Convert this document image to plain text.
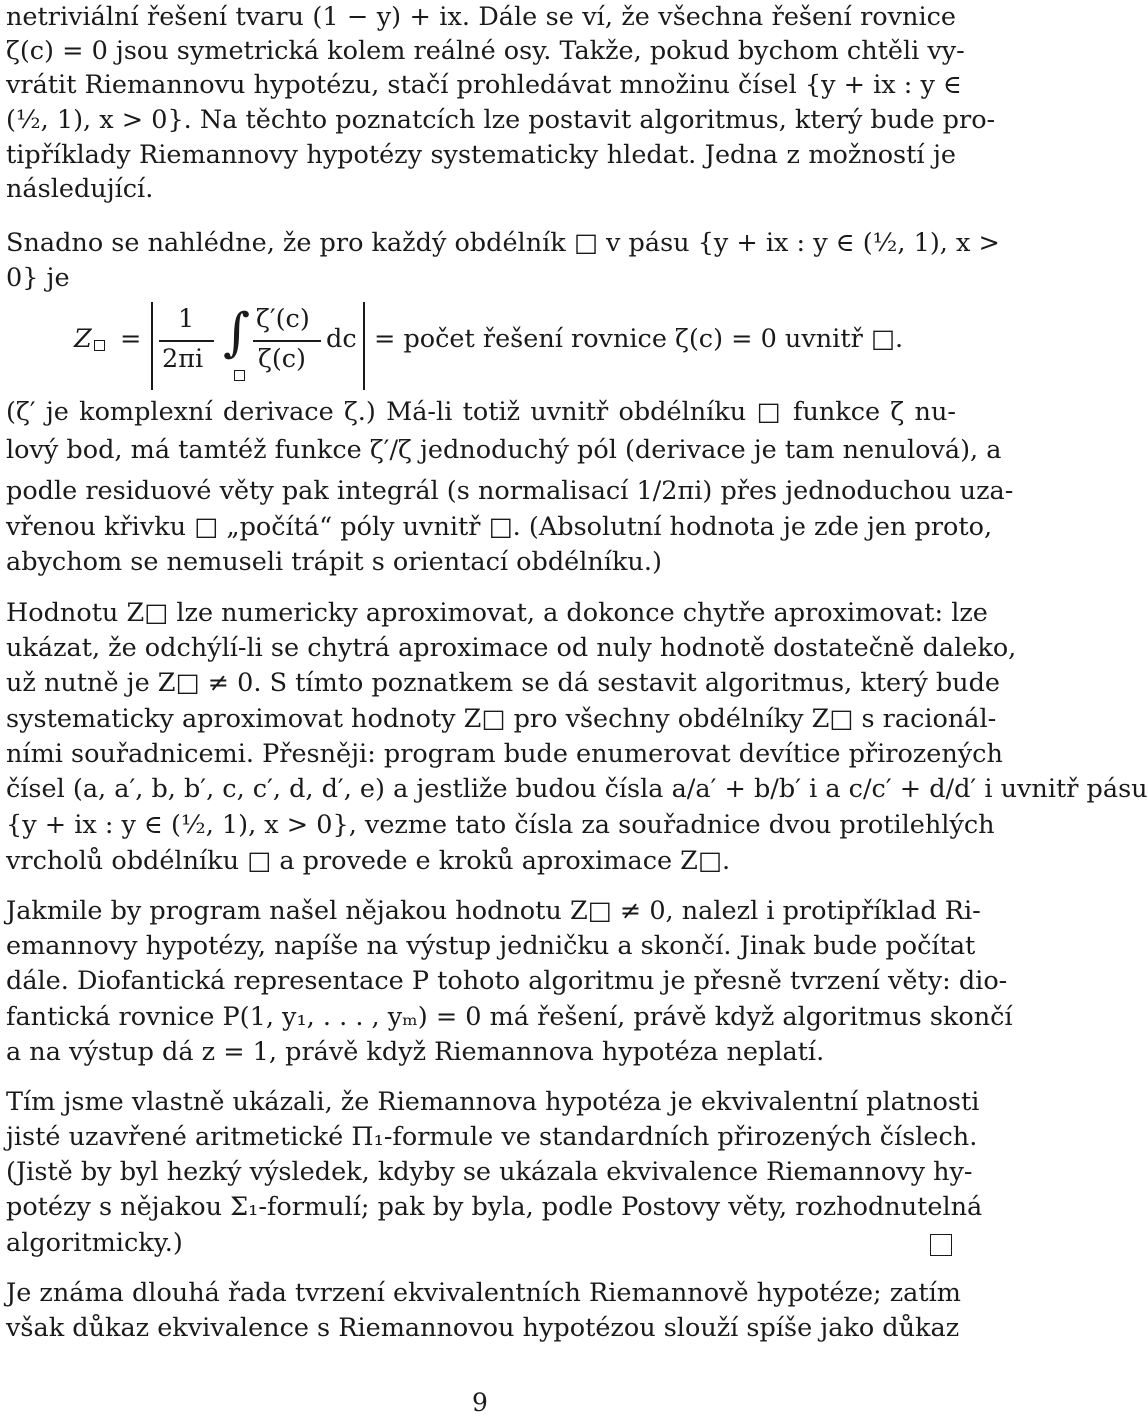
netriviální řešení tvaru (1 − y) + ix. Dále se ví, že všechna řešení rovnice
ζ(c) = 0 jsou symetrická kolem reálné osy. Takže, pokud bychom chtěli vy-
vrátit Riemannovu hypotézu, stačí prohledávat množinu čísel {y + ix : y ∈
(½, 1), x > 0}. Na těchto poznatcích lze postavit algoritmus, který bude pro-
tipříklady Riemannovy hypotézy systematicky hledat. Jedna z možností je
následující.
Snadno se nahlédne, že pro každý obdélník □ v pásu {y + ix : y ∈ (½, 1), x >
0} je
Z	=
1
2πi ∫ ζ′(c)
ζ(c)
dc = počet řešení rovnice ζ(c) = 0 uvnitř □.
(ζ′ je komplexní derivace ζ.) Má-li totiž uvnitř obdélníku □ funkce ζ nu-
lový bod, má tamtéž funkce ζ′/ζ jednoduchý pól (derivace je tam nenulová), a
podle residuové věty pak integrál (s normalisací 1/2πi) přes jednoduchou uza-
vřenou křivku □ „počítá“ póly uvnitř □. (Absolutní hodnota je zde jen proto,
abychom se nemuseli trápit s orientací obdélníku.)
Hodnotu Z□ lze numericky aproximovat, a dokonce chytře aproximovat: lze
ukázat, že odchýlí-li se chytrá aproximace od nuly hodnotě dostatečně daleko,
už nutně je Z□ ≠ 0. S tímto poznatkem se dá sestavit algoritmus, který bude
systematicky aproximovat hodnoty Z□ pro všechny obdélníky Z□ s racionál-
ními souřadnicemi. Přesněji: program bude enumerovat devítice přirozených
čísel (a, a′, b, b′, c, c′, d, d′, e) a jestliže budou čísla a/a′ + b/b′ i a c/c′ + d/d′ i uvnitř pásu
{y + ix : y ∈ (½, 1), x > 0}, vezme tato čísla za souřadnice dvou protilehlých
vrcholů obdélníku □ a provede e kroků aproximace Z□.
Jakmile by program našel nějakou hodnotu Z□ ≠ 0, nalezl i protipříklad Ri-
emannovy hypotézy, napíše na výstup jedničku a skončí. Jinak bude počítat
dále. Diofantická representace P tohoto algoritmu je přesně tvrzení věty: dio-
fantická rovnice P(1, y₁, . . . , yₘ) = 0 má řešení, právě když algoritmus skončí
a na výstup dá z = 1, právě když Riemannova hypotéza neplatí.
Tím jsme vlastně ukázali, že Riemannova hypotéza je ekvivalentní platnosti
jisté uzavřené aritmetické Π₁-formule ve standardních přirozených číslech.
(Jistě by byl hezký výsledek, kdyby se ukázala ekvivalence Riemannovy hy-
potézy s nějakou Σ₁-formulí; pak by byla, podle Postovy věty, rozhodnutelná
algoritmicky.)
Je známa dlouhá řada tvrzení ekvivalentních Riemannově hypotéze; zatím
však důkaz ekvivalence s Riemannovou hypotézou slouží spíše jako důkaz
9
